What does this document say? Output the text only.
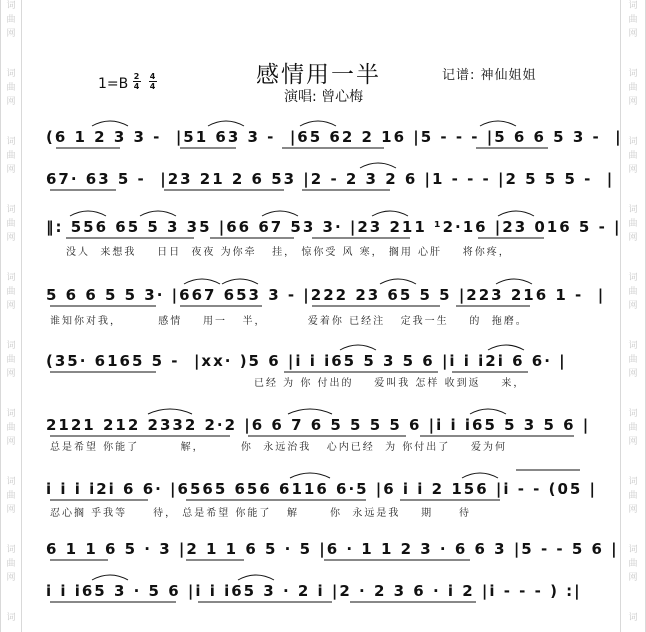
词
曲
网
词
曲
网
词
曲
网
词
曲
网
词
曲
网
词
曲
网
词
曲
网
词
曲
网
词
曲
网
词
词
曲
网
词
曲
网
词
曲
网
词
曲
网
词
曲
网
词
曲
网
词
曲
网
词
曲
网
词
曲
网
词
1=B 2
4
4
4	感情用一半	记谱: 神仙姐姐
演唱: 曾心梅
(6 1 2 3 3 -  |51 63 3 -  |65 62 2 16 |5 - - - |5 6 6 5 3 -  |
67· 63 5 -  |23 21 2 6 53 |2 - 2 3 2 6 |1 - - - |2 5 5 5 -  |
‖: 556 65 5 3 35 |66 67 53 3· |23 211 ¹2·16 |23 016 5 - |
没人  来想我    日日  夜夜 为你牵   挂， 惊你受 风 寒， 搁用 心肝    将你疼，
5 6 6 5 5 3· |667 653 3 - |222 23 65 5 5 |223 216 1 -  |
谁知你对我，       感情    用一   半，        爱着你 已经注   定我一生    的  拖磨。
(35· 6165 5 -  |xx· )5 6 |i i i65 5 3 5 6 |i i i2i 6 6· |
已经 为 你 付出的    爱叫我 怎样 收到返    来，
2121 212 2332 2·2 |6 6 7 6 5 5 5 5 6 |i i i65 5 3 5 6 |
总是希望 你能了        解，       你  永远治我   心内已经  为 你付出了    爱为何
i i i i2i 6 6· |6565 656 6116 6·5 |6 i i 2 156 |i - - (05 |
忍心搁 乎我等     待， 总是希望 你能了   解      你  永远是我    期     待
6 1 1 6 5 · 3 |2 1 1 6 5 · 5 |6 · 1 1 2 3 · 6 6 3 |5 - - 5 6 |
i i i65 3 · 5 6 |i i i65 3 · 2 i |2 · 2 3 6 · i 2 |i - - - ) :|
